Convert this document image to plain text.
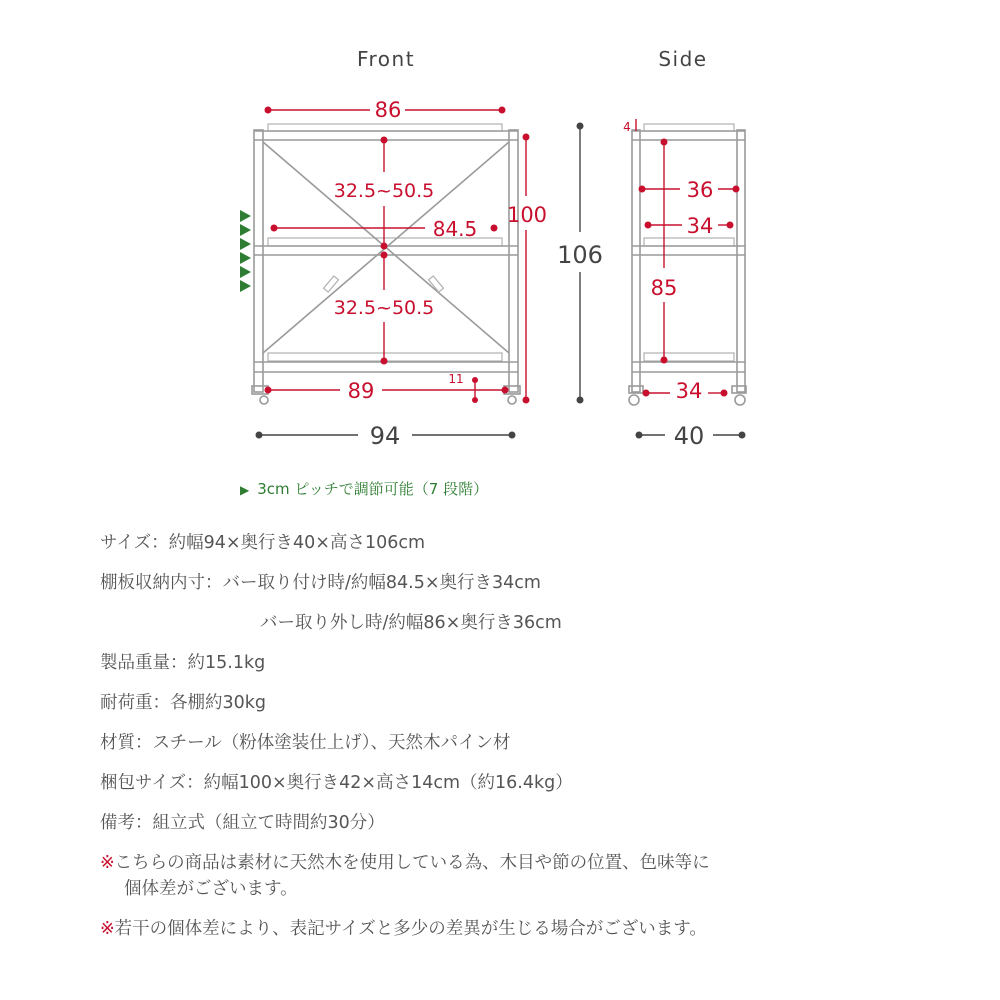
Front	Side
86
32.5~50.5
84.5
32.5~50.5
100
89	11
106
94
4
36
34
85
34
40
▶ 3cm ピッチで調節可能（7 段階）
サイズ：約幅94×奥行き40×高さ106cm
棚板収納内寸：バー取り付け時/約幅84.5×奥行き34cm
バー取り外し時/約幅86×奥行き36cm
製品重量：約15.1kg
耐荷重：各棚約30kg
材質：スチール（粉体塗装仕上げ）、天然木パイン材
梱包サイズ：約幅100×奥行き42×高さ14cm（約16.4kg）
備考：組立式（組立て時間約30分）
※こちらの商品は素材に天然木を使用している為、木目や節の位置、色味等に
個体差がございます。
※若干の個体差により、表記サイズと多少の差異が生じる場合がございます。
